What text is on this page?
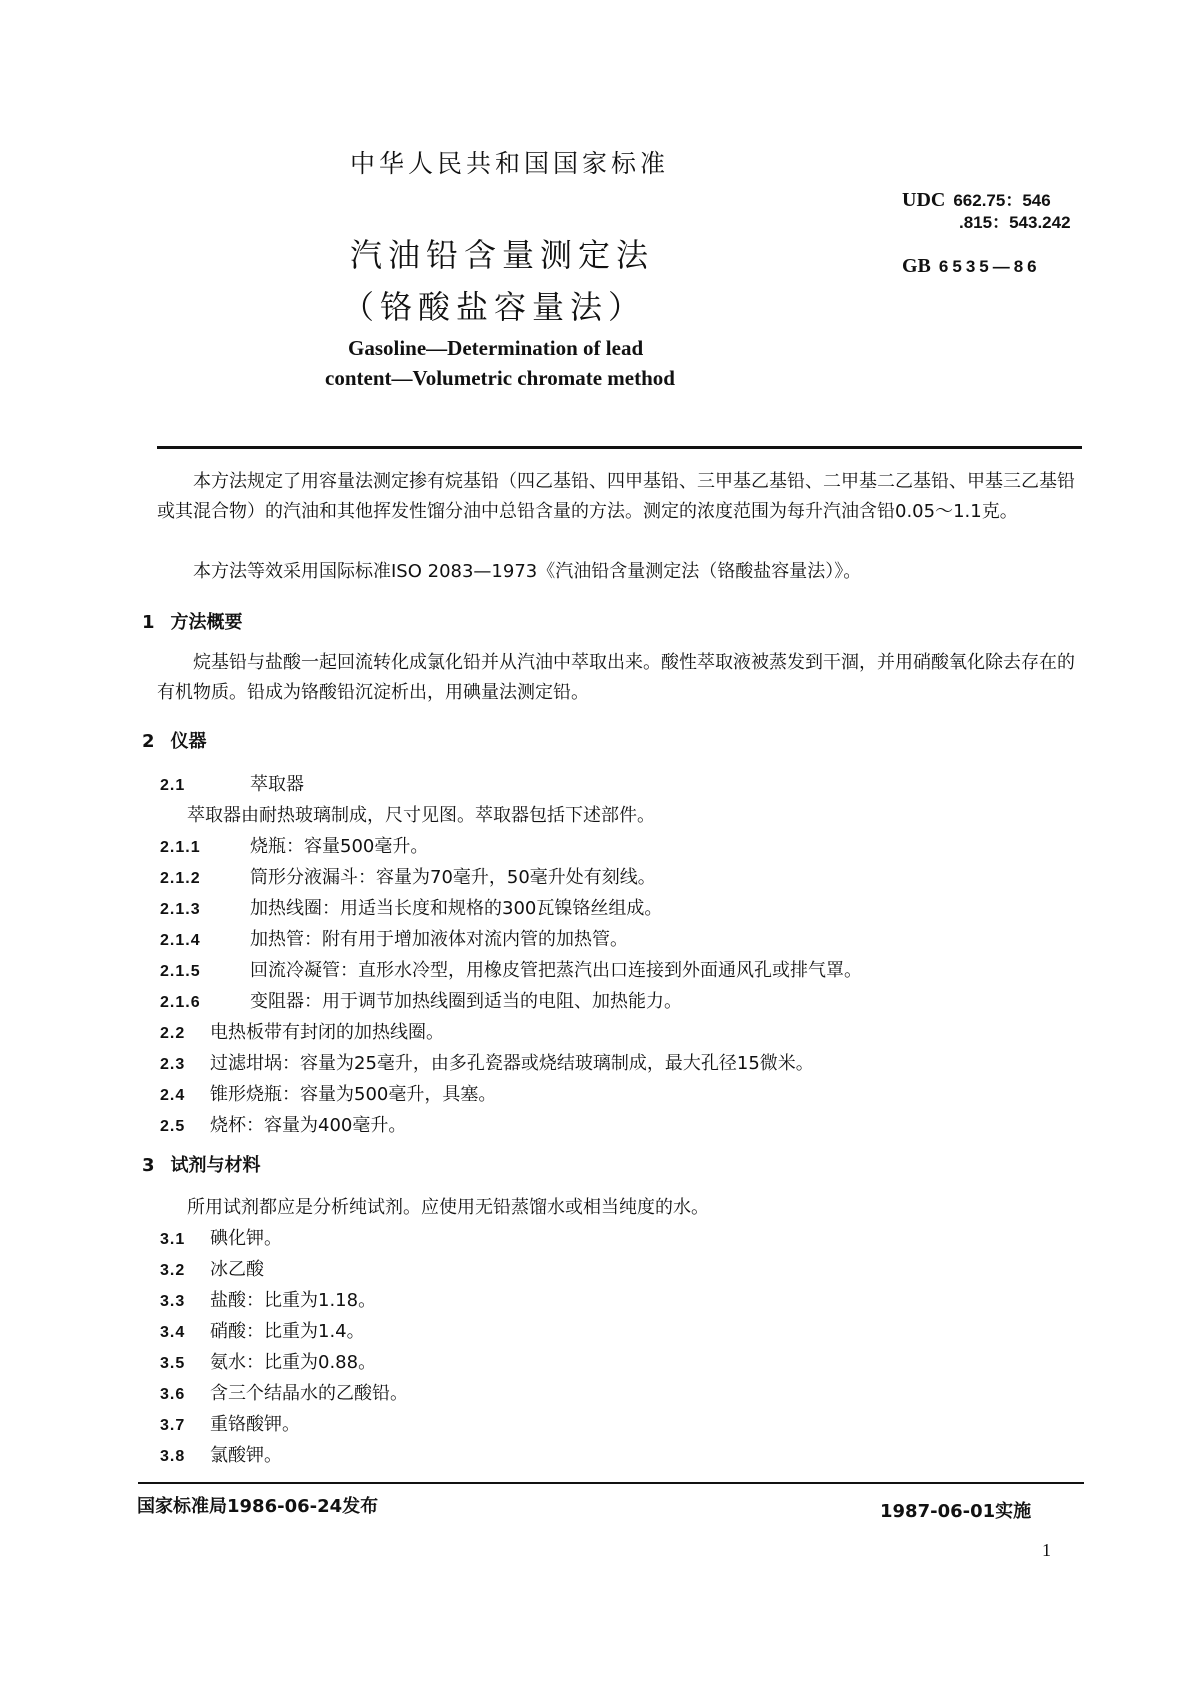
中华人民共和国国家标准
UDC 662.75：546
.815：543.242
GB 6535—86
汽油铅含量测定法
（铬酸盐容量法）
Gasoline—Determination of lead
content—Volumetric chromate method
本方法规定了用容量法测定掺有烷基铅（四乙基铅、四甲基铅、三甲基乙基铅、二甲基二乙基铅、甲基三乙基铅或其混合物）的汽油和其他挥发性馏分油中总铅含量的方法。测定的浓度范围为每升汽油含铅0.05～1.1克。
本方法等效采用国际标准ISO 2083—1973《汽油铅含量测定法（铬酸盐容量法）》。
1 方法概要
烷基铅与盐酸一起回流转化成氯化铅并从汽油中萃取出来。酸性萃取液被蒸发到干涸，并用硝酸氧化除去存在的有机物质。铅成为铬酸铅沉淀析出，用碘量法测定铅。
2 仪器
2.1	萃取器
萃取器由耐热玻璃制成，尺寸见图。萃取器包括下述部件。
2.1.1	烧瓶：容量500毫升。
2.1.2	筒形分液漏斗：容量为70毫升，50毫升处有刻线。
2.1.3	加热线圈：用适当长度和规格的300瓦镍铬丝组成。
2.1.4	加热管：附有用于增加液体对流内管的加热管。
2.1.5	回流冷凝管：直形水冷型，用橡皮管把蒸汽出口连接到外面通风孔或排气罩。
2.1.6	变阻器：用于调节加热线圈到适当的电阻、加热能力。
2.2 电热板带有封闭的加热线圈。
2.3 过滤坩埚：容量为25毫升，由多孔瓷器或烧结玻璃制成，最大孔径15微米。
2.4 锥形烧瓶：容量为500毫升，具塞。
2.5 烧杯：容量为400毫升。
3 试剂与材料
所用试剂都应是分析纯试剂。应使用无铅蒸馏水或相当纯度的水。
3.1 碘化钾。
3.2 冰乙酸
3.3 盐酸：比重为1.18。
3.4 硝酸：比重为1.4。
3.5 氨水：比重为0.88。
3.6 含三个结晶水的乙酸铅。
3.7 重铬酸钾。
3.8 氯酸钾。
国家标准局1986-06-24发布	1987-06-01实施
1
